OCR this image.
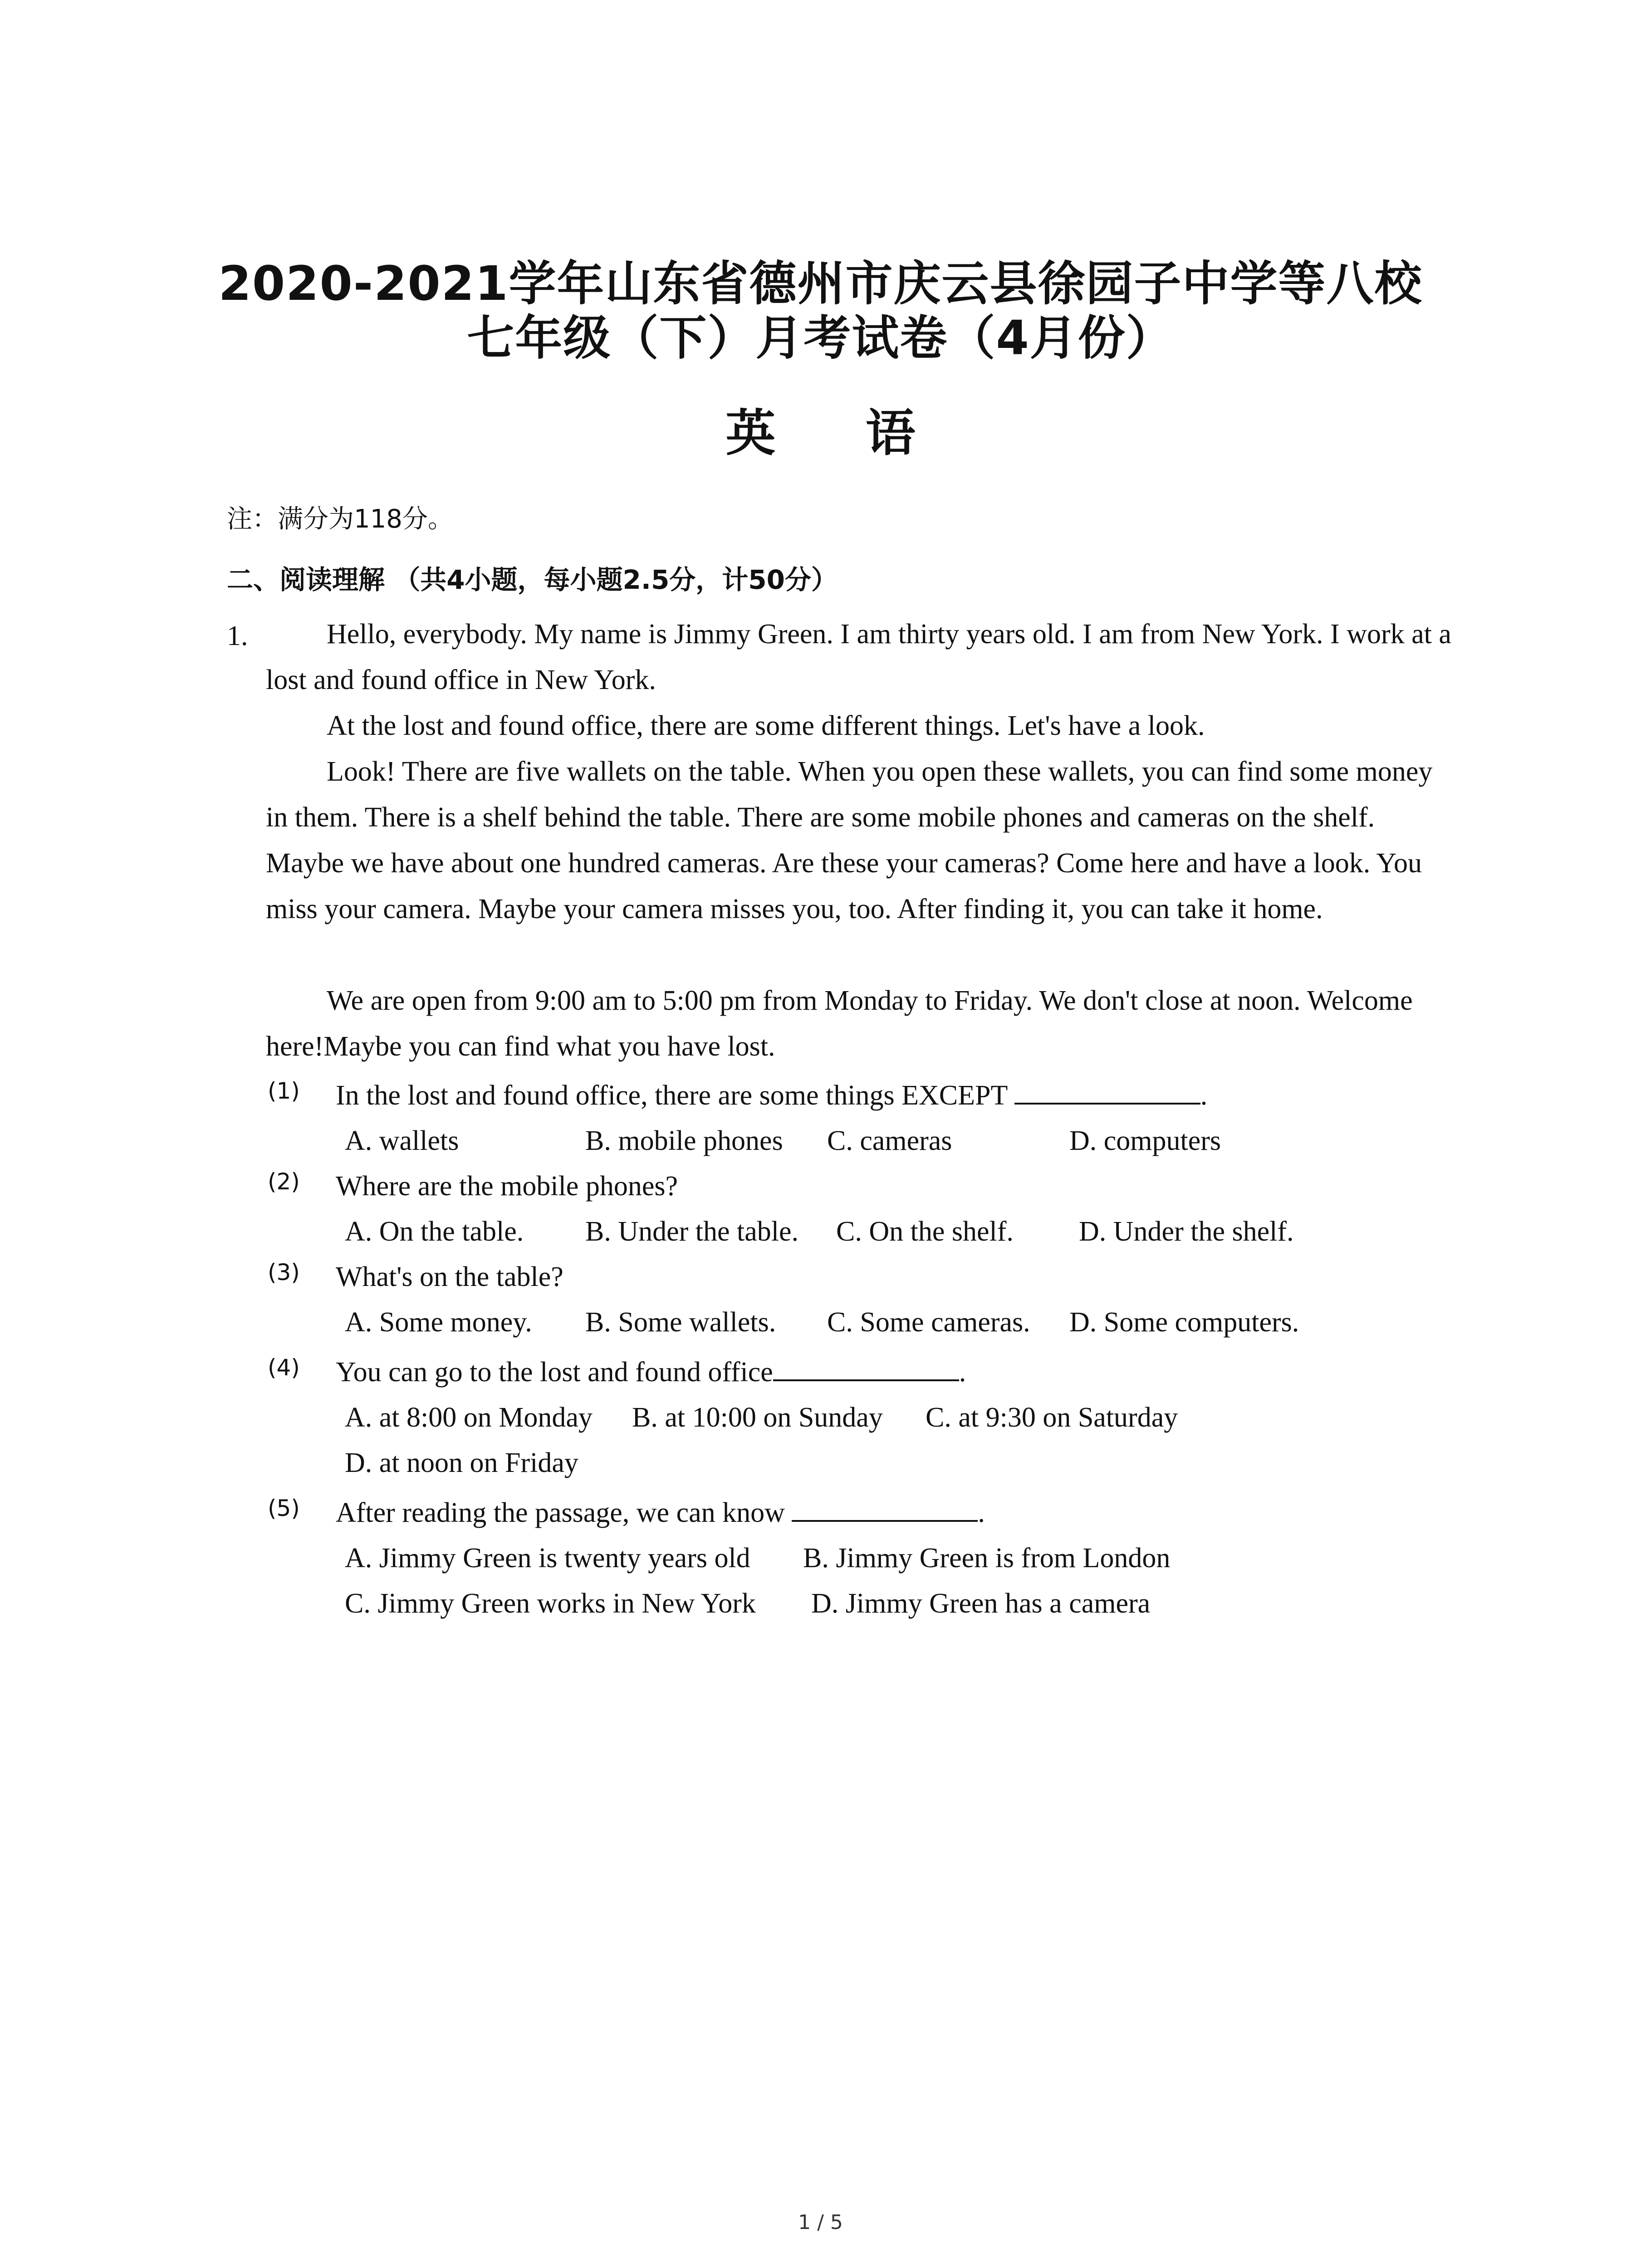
2020-2021学年山东省德州市庆云县徐园子中学等八校
七年级（下）月考试卷（4月份）
英 语
注：满分为118分。
二、阅读理解 （共4小题，每小题2.5分，计50分）
1.	Hello, everybody. My name is Jimmy Green. I am thirty years old. I am from New York. I work at a lost and found office in New York.
At the lost and found office, there are some different things. Let's have a look.
Look! There are five wallets on the table. When you open these wallets, you can find some money in them. There is a shelf behind the table. There are some mobile phones and cameras on the shelf. Maybe we have about one hundred cameras. Are these your cameras? Come here and have a look. You miss your camera. Maybe your camera misses you, too. After finding it, you can take it home.
We are open from 9:00 am to 5:00 pm from Monday to Friday. We don't close at noon. Welcome here!Maybe you can find what you have lost.
(1) In the lost and found office, there are some things EXCEPT	.
A. wallets	B. mobile phones C. cameras	D. computers
(2) Where are the mobile phones?
A. On the table. B. Under the table. C. On the shelf. D. Under the shelf.
(3) What's on the table?
A. Some money. B. Some wallets. C. Some cameras. D. Some computers.
(4) You can go to the lost and found office	.
A. at 8:00 on Monday B. at 10:00 on Sunday C. at 9:30 on Saturday
D. at noon on Friday
(5) After reading the passage, we can know	.
A. Jimmy Green is twenty years old B. Jimmy Green is from London
C. Jimmy Green works in New York D. Jimmy Green has a camera
1 / 5
